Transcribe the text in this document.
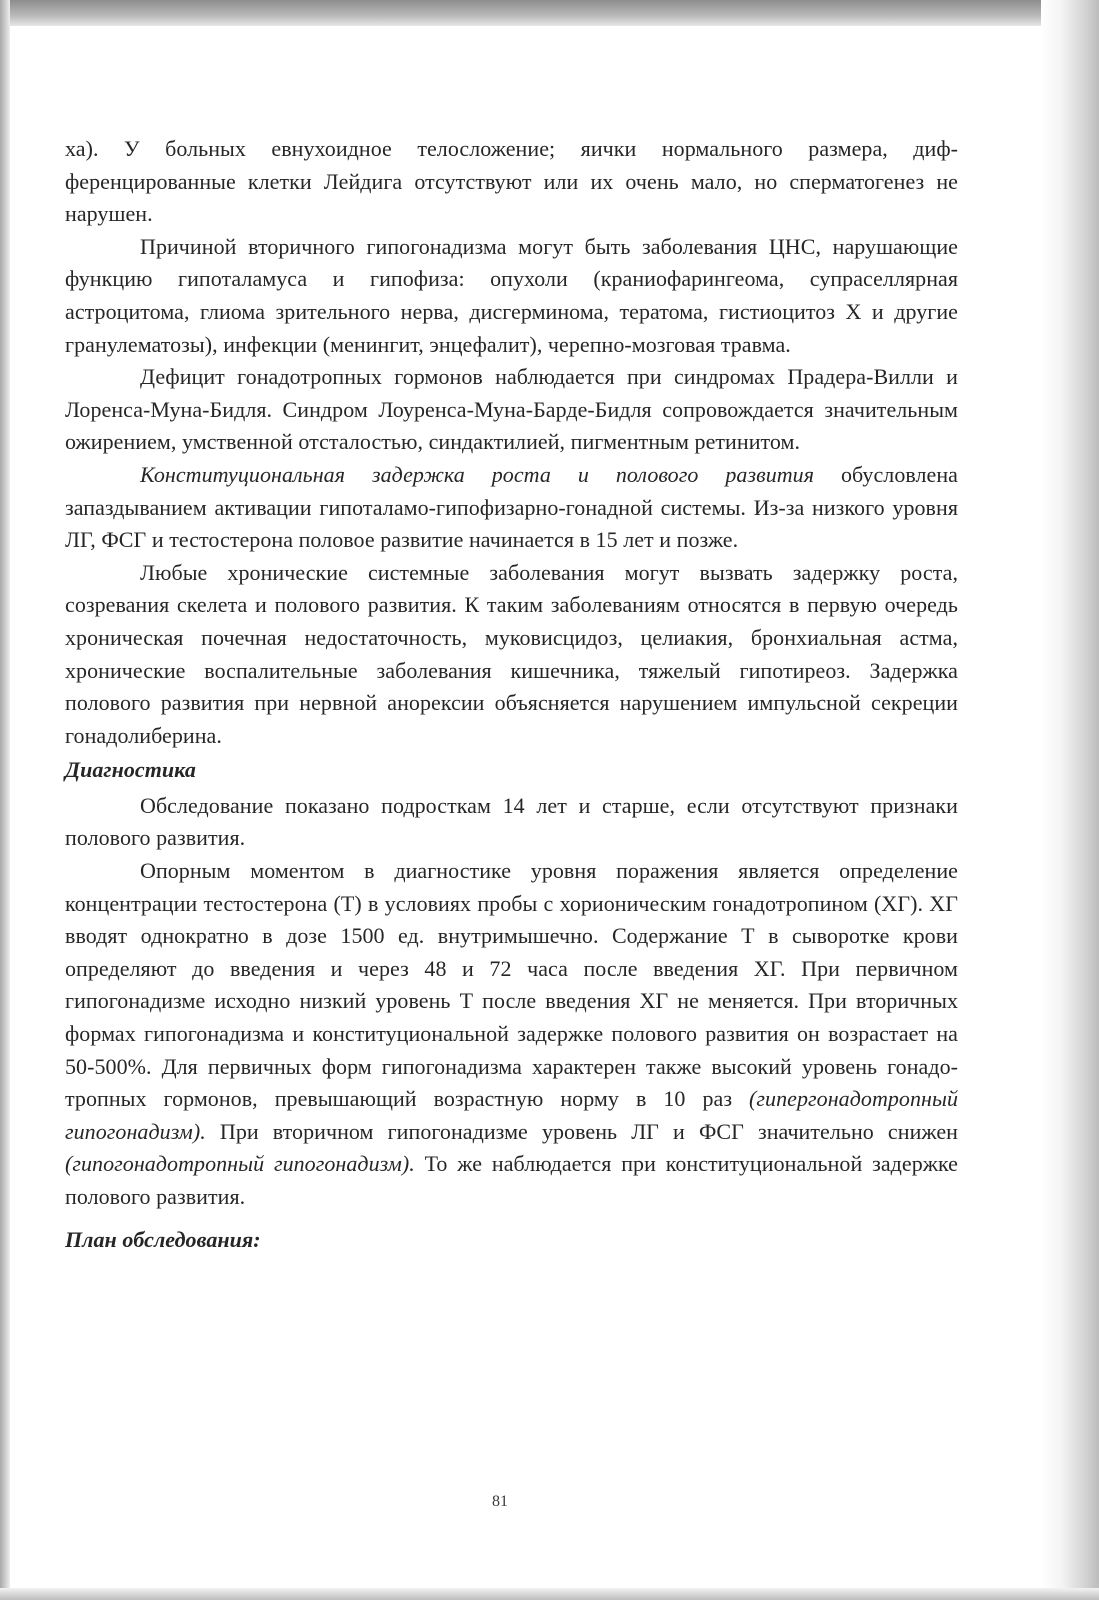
ха). У больных евнухоидное телосложение; яички нормального размера, дифференцированные клетки Лейдига отсутствуют или их очень мало, но сперматогенез не нарушен.

Причиной вторичного гипогонадизма могут быть заболевания ЦНС, нарушающие функцию гипоталамуса и гипофиза: опухоли (краниофарингеома, супраселлярная астроцитома, глиома зрительного нерва, дисгерминома, тератома, гистиоцитоз Х и другие гранулематозы), инфекции (менингит, энцефалит), черепно-мозговая травма.

Дефицит гонадотропных гормонов наблюдается при синдромах Прадера-Вилли и Лоренса-Муна-Бидля. Синдром Лоуренса-Муна-Барде-Бидля сопровождается значительным ожирением, умственной отсталостью, синдактилией, пигментным ретинитом.

Конституциональная задержка роста и полового развития обусловлена запаздыванием активации гипоталамо-гипофизарно-гонадной системы. Из-за низкого уровня ЛГ, ФСГ и тестостерона половое развитие начинается в 15 лет и позже.

Любые хронические системные заболевания могут вызвать задержку роста, созревания скелета и полового развития. К таким заболеваниям относятся в первую очередь хроническая почечная недостаточность, муковисцидоз, целиакия, бронхиальная астма, хронические воспалительные заболевания кишечника, тяжелый гипотиреоз. Задержка полового развития при нервной анорексии объясняется нарушением импульсной секреции гонадолиберина.

Диагностика

Обследование показано подросткам 14 лет и старше, если отсутствуют признаки полового развития.

Опорным моментом в диагностике уровня поражения является определение концентрации тестостерона (Т) в условиях пробы с хорионическим гонадотропином (ХГ). ХГ вводят однократно в дозе 1500 ед. внутримышечно. Содержание Т в сыворотке крови определяют до введения и через 48 и 72 часа после введения ХГ. При первичном гипогонадизме исходно низкий уровень Т после введения ХГ не меняется. При вторичных формах гипогонадизма и конституциональной задержке полового развития он возрастает на 50-500%. Для первичных форм гипогонадизма характерен также высокий уровень гонадотропных гормонов, превышающий возрастную норму в 10 раз (гипергонадотропный гипогонадизм). При вторичном гипогонадизме уровень ЛГ и ФСГ значительно снижен (гипогонадотропный гипогонадизм). То же наблюдается при конституциональной задержке полового развития.

План обследования:

81
